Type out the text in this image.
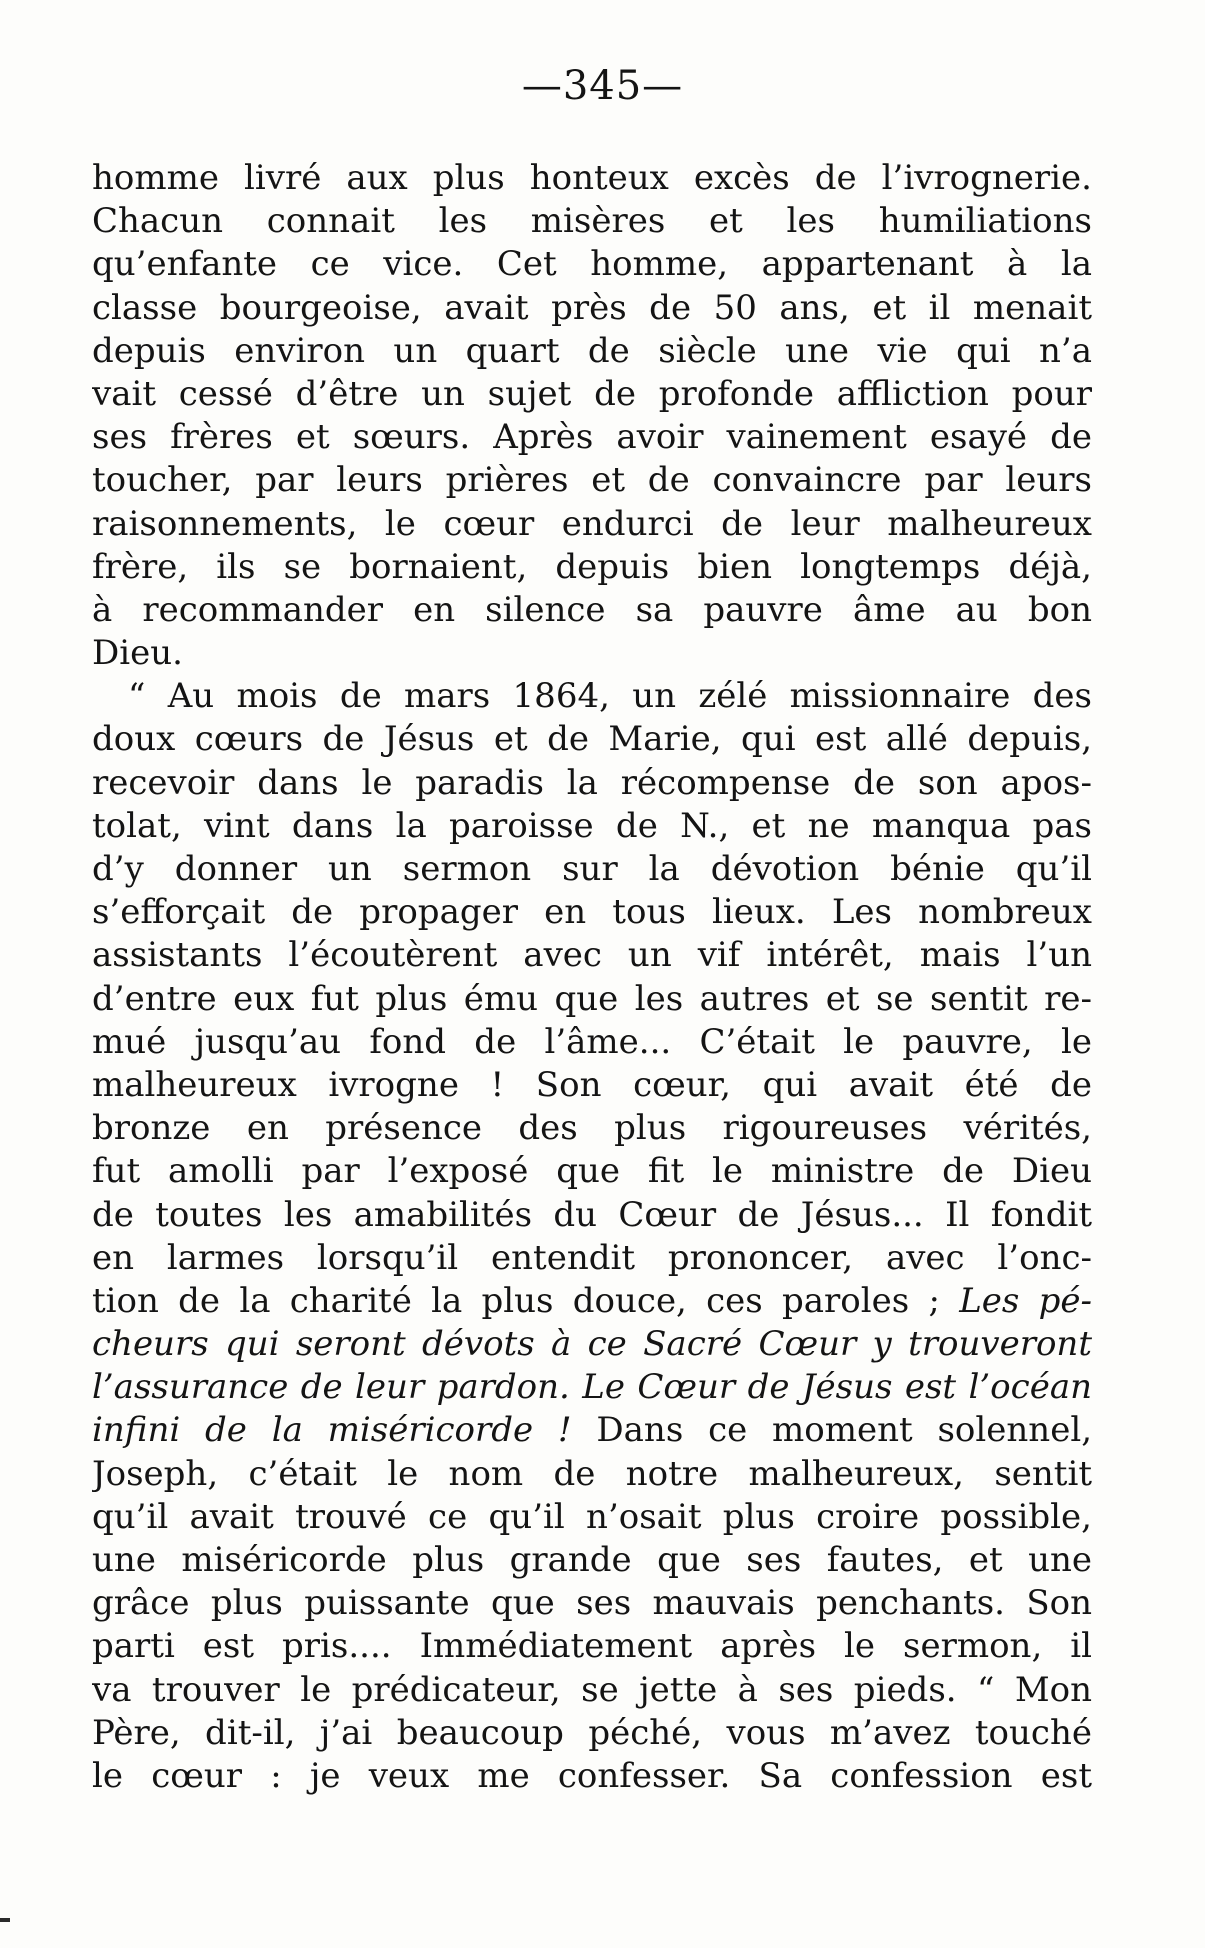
—345—
homme livré aux plus honteux excès de l’ivrognerie.
Chacun connait les misères et les humiliations
qu’enfante ce vice. Cet homme, appartenant à la
classe bourgeoise, avait près de 50 ans, et il menait
depuis environ un quart de siècle une vie qui n’a
vait cessé d’être un sujet de profonde affliction pour
ses frères et sœurs. Après avoir vainement esayé de
toucher, par leurs prières et de convaincre par leurs
raisonnements, le cœur endurci de leur malheureux
frère, ils se bornaient, depuis bien longtemps déjà,
à recommander en silence sa pauvre âme au bon
Dieu.
“ Au mois de mars 1864, un zélé missionnaire des
doux cœurs de Jésus et de Marie, qui est allé depuis,
recevoir dans le paradis la récompense de son apos-
tolat, vint dans la paroisse de N., et ne manqua pas
d’y donner un sermon sur la dévotion bénie qu’il
s’efforçait de propager en tous lieux. Les nombreux
assistants l’écoutèrent avec un vif intérêt, mais l’un
d’entre eux fut plus ému que les autres et se sentit re-
mué jusqu’au fond de l’âme... C’était le pauvre, le
malheureux ivrogne ! Son cœur, qui avait été de
bronze en présence des plus rigoureuses vérités,
fut amolli par l’exposé que fit le ministre de Dieu
de toutes les amabilités du Cœur de Jésus... Il fondit
en larmes lorsqu’il entendit prononcer, avec l’onc-
tion de la charité la plus douce, ces paroles ; Les pé-
cheurs qui seront dévots à ce Sacré Cœur y trouveront
l’assurance de leur pardon. Le Cœur de Jésus est l’océan
infini de la miséricorde ! Dans ce moment solennel,
Joseph, c’était le nom de notre malheureux, sentit
qu’il avait trouvé ce qu’il n’osait plus croire possible,
une miséricorde plus grande que ses fautes, et une
grâce plus puissante que ses mauvais penchants. Son
parti est pris.... Immédiatement après le sermon, il
va trouver le prédicateur, se jette à ses pieds. “ Mon
Père, dit-il, j’ai beaucoup péché, vous m’avez touché
le cœur : je veux me confesser. Sa confession est
